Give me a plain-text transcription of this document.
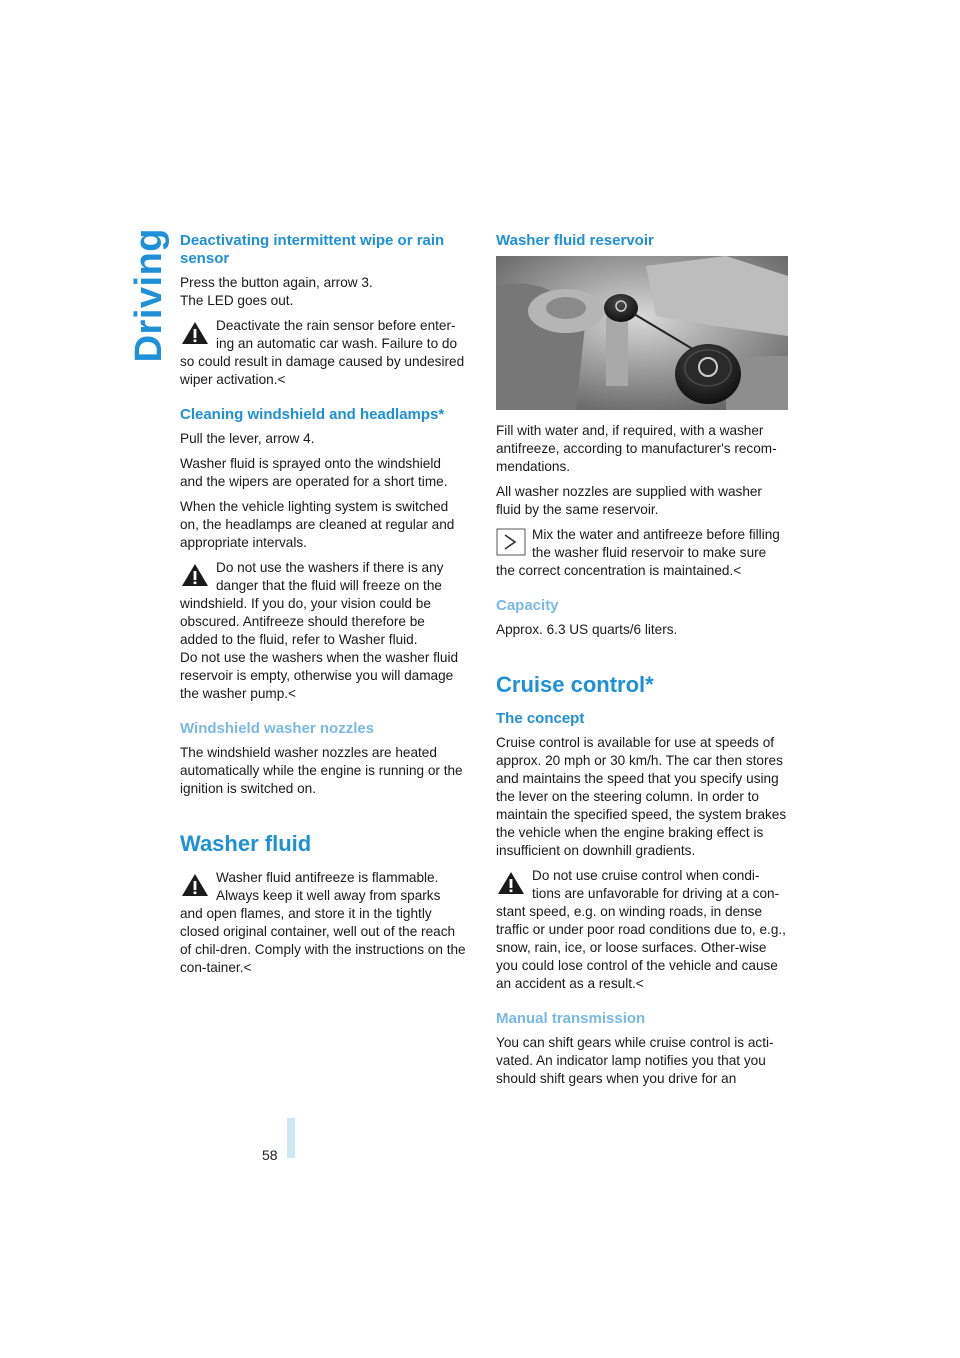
Driving
58
Deactivating intermittent wipe or rain sensor

Press the button again, arrow 3.

The LED goes out.

Deactivate the rain sensor before enter-ing an automatic car wash. Failure to do so could result in damage caused by undesired wiper activation.<
Cleaning windshield and headlamps*

Pull the lever, arrow 4.

Washer fluid is sprayed onto the windshield and the wipers are operated for a short time.

When the vehicle lighting system is switched on, the headlamps are cleaned at regular and appropriate intervals.

Do not use the washers if there is any danger that the fluid will freeze on the windshield. If you do, your vision could be obscured. Antifreeze should therefore be added to the fluid, refer to Washer fluid.
Do not use the washers when the washer fluid reservoir is empty, otherwise you will damage the washer pump.<
Windshield washer nozzles

The windshield washer nozzles are heated automatically while the engine is running or the ignition is switched on.

Washer fluid
Washer fluid antifreeze is flammable. Always keep it well away from sparks and open flames, and store it in the tightly closed original container, well out of the reach of chil-dren. Comply with the instructions on the con-tainer.<
Washer fluid reservoir

Fill with water and, if required, with a washer antifreeze, according to manufacturer's recom-mendations.

All washer nozzles are supplied with washer fluid by the same reservoir.

Mix the water and antifreeze before filling the washer fluid reservoir to make sure the correct concentration is maintained.<
Capacity

Approx. 6.3 US quarts/6 liters.

Cruise control*
The concept

Cruise control is available for use at speeds of approx. 20 mph or 30 km/h. The car then stores and maintains the speed that you specify using the lever on the steering column. In order to maintain the specified speed, the system brakes the vehicle when the engine braking effect is insufficient on downhill gradients.

Do not use cruise control when condi-tions are unfavorable for driving at a con-stant speed, e.g. on winding roads, in dense traffic or under poor road conditions due to, e.g., snow, rain, ice, or loose surfaces. Other-wise you could lose control of the vehicle and cause an accident as a result.<
Manual transmission

You can shift gears while cruise control is acti-vated. An indicator lamp notifies you that you should shift gears when you drive for an
